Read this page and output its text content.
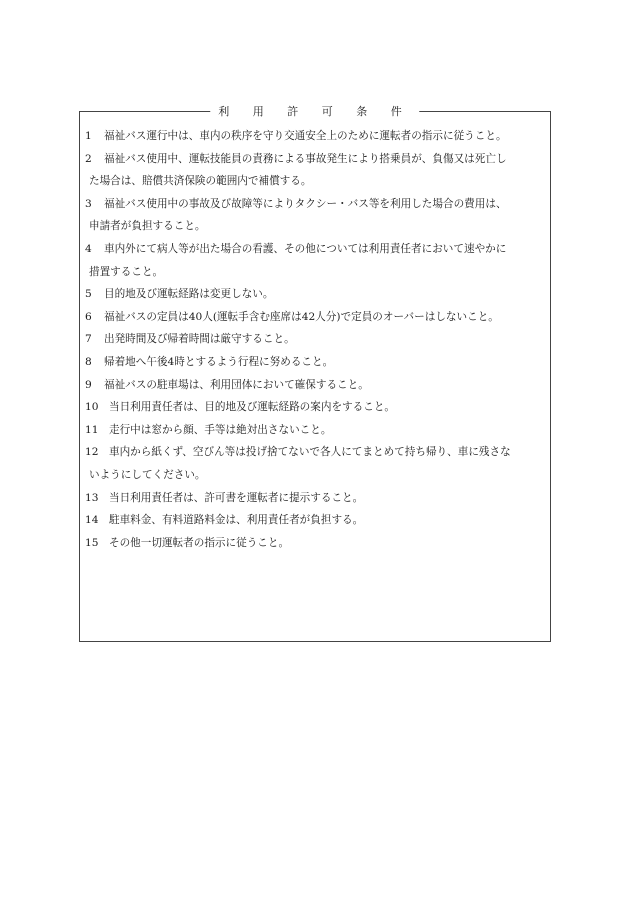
利 用 許 可 条 件
1 福祉バス運行中は、車内の秩序を守り交通安全上のために運転者の指示に従うこと。
2 福祉バス使用中、運転技能員の責務による事故発生により搭乗員が、負傷又は死亡し
た場合は、賠償共済保険の範囲内で補償する。
3 福祉バス使用中の事故及び故障等によりタクシー・バス等を利用した場合の費用は、
申請者が負担すること。
4 車内外にて病人等が出た場合の看護、その他については利用責任者において速やかに
措置すること。
5 目的地及び運転経路は変更しない。
6 福祉バスの定員は40人(運転手含む座席は42人分)で定員のオーバーはしないこと。
7 出発時間及び帰着時間は厳守すること。
8 帰着地へ午後4時とするよう行程に努めること。
9 福祉バスの駐車場は、利用団体において確保すること。
10 当日利用責任者は、目的地及び運転経路の案内をすること。
11 走行中は窓から顔、手等は絶対出さないこと。
12 車内から紙くず、空びん等は投げ捨てないで各人にてまとめて持ち帰り、車に残さな
いようにしてください。
13 当日利用責任者は、許可書を運転者に提示すること。
14 駐車料金、有料道路料金は、利用責任者が負担する。
15 その他一切運転者の指示に従うこと。
